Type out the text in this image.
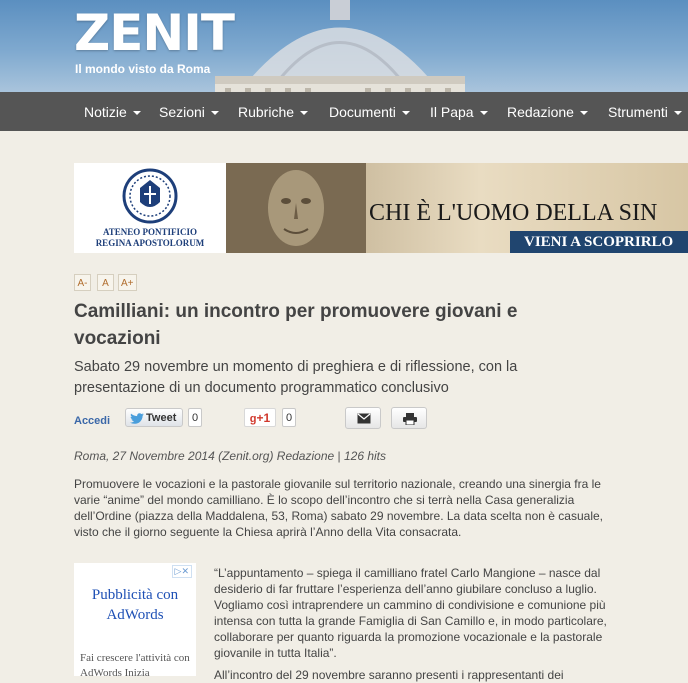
ZENIT
Il mondo visto da Roma
Notizie	Sezioni	Rubriche	Documenti	Il Papa	Redazione	Strumenti
ATENEO PONTIFICIO
REGINA APOSTOLORUM
CHI È L'UOMO DELLA SIN
VIENI A SCOPRIRLO
A-	A	A+
Camilliani: un incontro per promuovere giovani e vocazioni
Sabato 29 novembre un momento di preghiera e di riflessione, con la presentazione di un documento programmatico conclusivo
Accedi	Tweet	0	g+1	0
Roma, 27 Novembre 2014 (Zenit.org) Redazione | 126 hits

Promuovere le vocazioni e la pastorale giovanile sul territorio nazionale, creando una sinergia fra le varie “anime” del mondo camilliano. È lo scopo dell’incontro che si terrà nella Casa generalizia dell’Ordine (piazza della Maddalena, 53, Roma) sabato 29 novembre. La data scelta non è casuale, visto che il giorno seguente la Chiesa aprirà l’Anno della Vita consacrata.

▷✕
Pubblicità con AdWords
Fai crescere l'attività con AdWords Inizia

“L’appuntamento – spiega il camilliano fratel Carlo Mangione – nasce dal desiderio di far fruttare l’esperienza dell’anno giubilare concluso a luglio. Vogliamo così intraprendere un cammino di condivisione e comunione più intensa con tutta la grande Famiglia di San Camillo e, in modo particolare, collaborare per quanto riguarda la promozione vocazionale e la pastorale giovanile in tutta Italia”.

All’incontro del 29 novembre saranno presenti i rappresentanti dei
